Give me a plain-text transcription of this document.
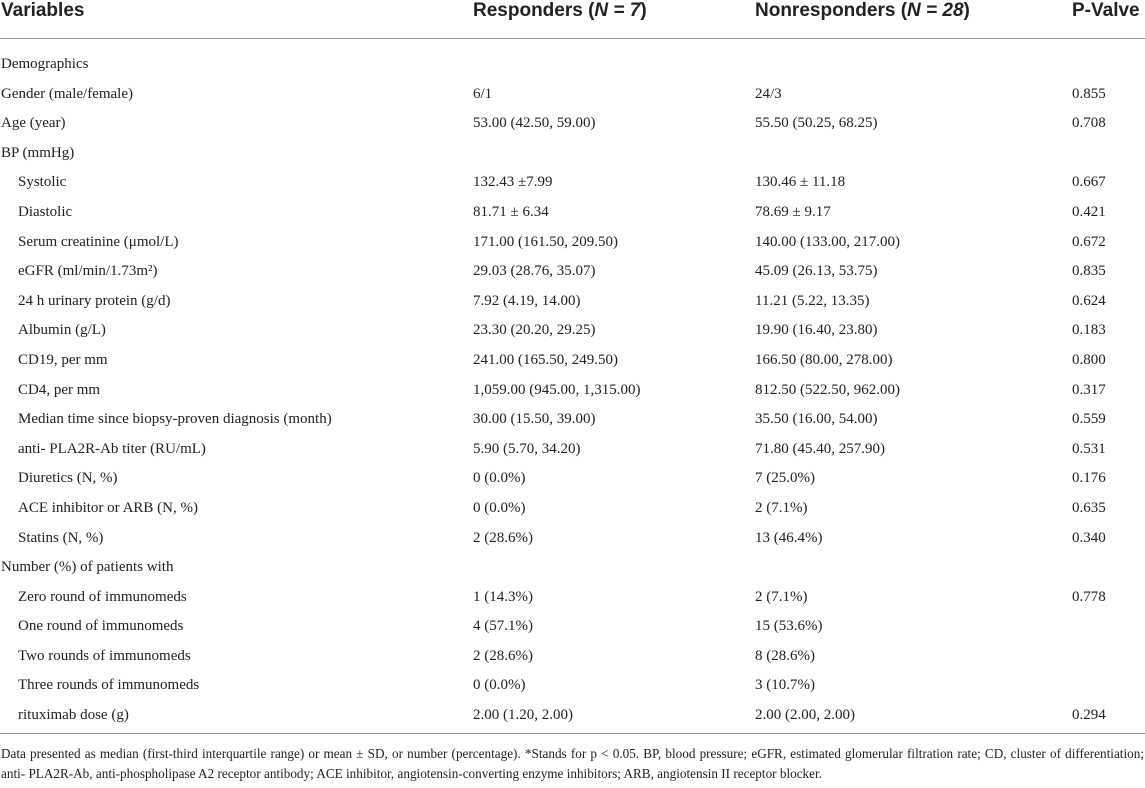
Variables	Responders (N = 7)	Nonresponders (N = 28)	P-Valve
Demographics
Gender (male/female)	6/1	24/3	0.855
Age (year)	53.00 (42.50, 59.00)	55.50 (50.25, 68.25)	0.708
BP (mmHg)
Systolic	132.43 ±7.99	130.46 ± 11.18	0.667
Diastolic	81.71 ± 6.34	78.69 ± 9.17	0.421
Serum creatinine (μmol/L)	171.00 (161.50, 209.50)	140.00 (133.00, 217.00)	0.672
eGFR (ml/min/1.73m²)	29.03 (28.76, 35.07)	45.09 (26.13, 53.75)	0.835
24 h urinary protein (g/d)	7.92 (4.19, 14.00)	11.21 (5.22, 13.35)	0.624
Albumin (g/L)	23.30 (20.20, 29.25)	19.90 (16.40, 23.80)	0.183
CD19, per mm	241.00 (165.50, 249.50)	166.50 (80.00, 278.00)	0.800
CD4, per mm	1,059.00 (945.00, 1,315.00)	812.50 (522.50, 962.00)	0.317
Median time since biopsy-proven diagnosis (month)	30.00 (15.50, 39.00)	35.50 (16.00, 54.00)	0.559
anti- PLA2R-Ab titer (RU/mL)	5.90 (5.70, 34.20)	71.80 (45.40, 257.90)	0.531
Diuretics (N, %)	0 (0.0%)	7 (25.0%)	0.176
ACE inhibitor or ARB (N, %)	0 (0.0%)	2 (7.1%)	0.635
Statins (N, %)	2 (28.6%)	13 (46.4%)	0.340
Number (%) of patients with
Zero round of immunomeds	1 (14.3%)	2 (7.1%)	0.778
One round of immunomeds	4 (57.1%)	15 (53.6%)
Two rounds of immunomeds	2 (28.6%)	8 (28.6%)
Three rounds of immunomeds	0 (0.0%)	3 (10.7%)
rituximab dose (g)	2.00 (1.20, 2.00)	2.00 (2.00, 2.00)	0.294
Data presented as median (first-third interquartile range) or mean ± SD, or number (percentage). *Stands for p < 0.05. BP, blood pressure; eGFR, estimated glomerular filtration rate; CD, cluster of differentiation; anti- PLA2R-Ab, anti-phospholipase A2 receptor antibody; ACE inhibitor, angiotensin-converting enzyme inhibitors; ARB, angiotensin II receptor blocker.
